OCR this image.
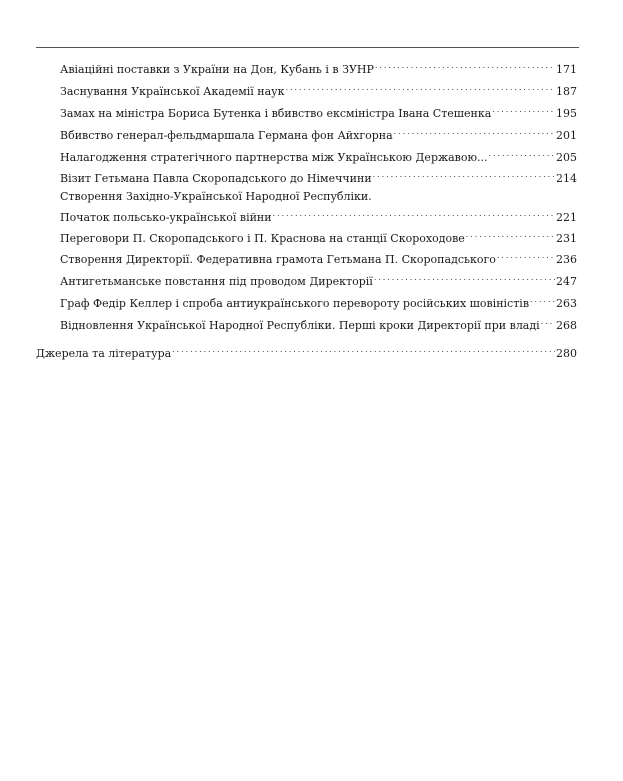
Авіаційні поставки з України на Дон, Кубань і в ЗУНР . . .	171
Заснування Української Академії наук . . .	187
Замах на міністра Бориса Бутенка і вбивство ексміністра Івана Стешенка . . .	195
Вбивство генерал-фельдмаршала Германа фон Айхгорна . . .	201
Налагодження стратегічного партнерства між Українською Державою... . . .	205
Візит Гетьмана Павла Скоропадського до Німеччини . . .	214
Створення Західно-Української Народної Республіки.
Початок польсько-української війни . . .	221
Переговори П. Скоропадського і П. Краснова на станції Скороходове . . .	231
Створення Директорії. Федеративна грамота Гетьмана П. Скоропадського . . .	236
Антигетьманське повстання під проводом Директорії . . .	247
Граф Федір Келлер і спроба антиукраїнського перевороту російських шовіністів . . . 263
Відновлення Української Народної Республіки. Перші кроки Директорії при владі . . . 268
Джерела та література . . .	280
